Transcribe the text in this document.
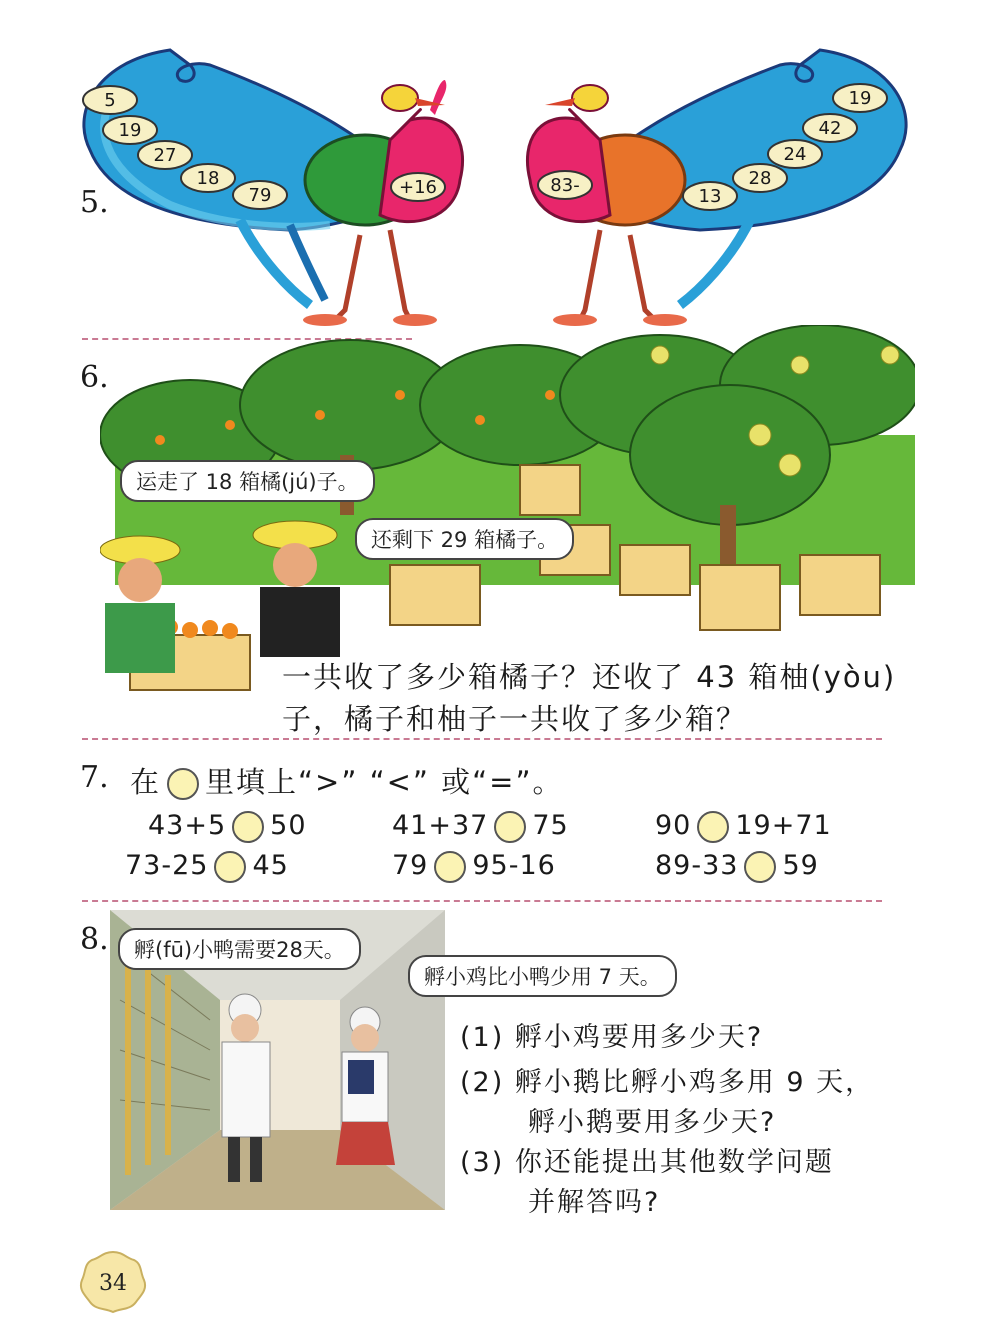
5.
5
19
27
18
79	+16
19
42
24
28
13
83-
6.
运走了 18 箱橘(jú)子。
还剩下 29 箱橘子。
一共收了多少箱橘子？还收了 43 箱柚(yòu)
子，橘子和柚子一共收了多少箱？
7. 在 里填上“>” “<” 或“=”。
43+5 50	41+37 75	90 19+71
73-25 45	79 95-16	89-33 59
8.	孵(fū)小鸭需要28天。
孵小鸡比小鸭少用 7 天。
(1) 孵小鸡要用多少天?
(2) 孵小鹅比孵小鸡多用 9 天，
孵小鹅要用多少天?
(3) 你还能提出其他数学问题
并解答吗?
34
